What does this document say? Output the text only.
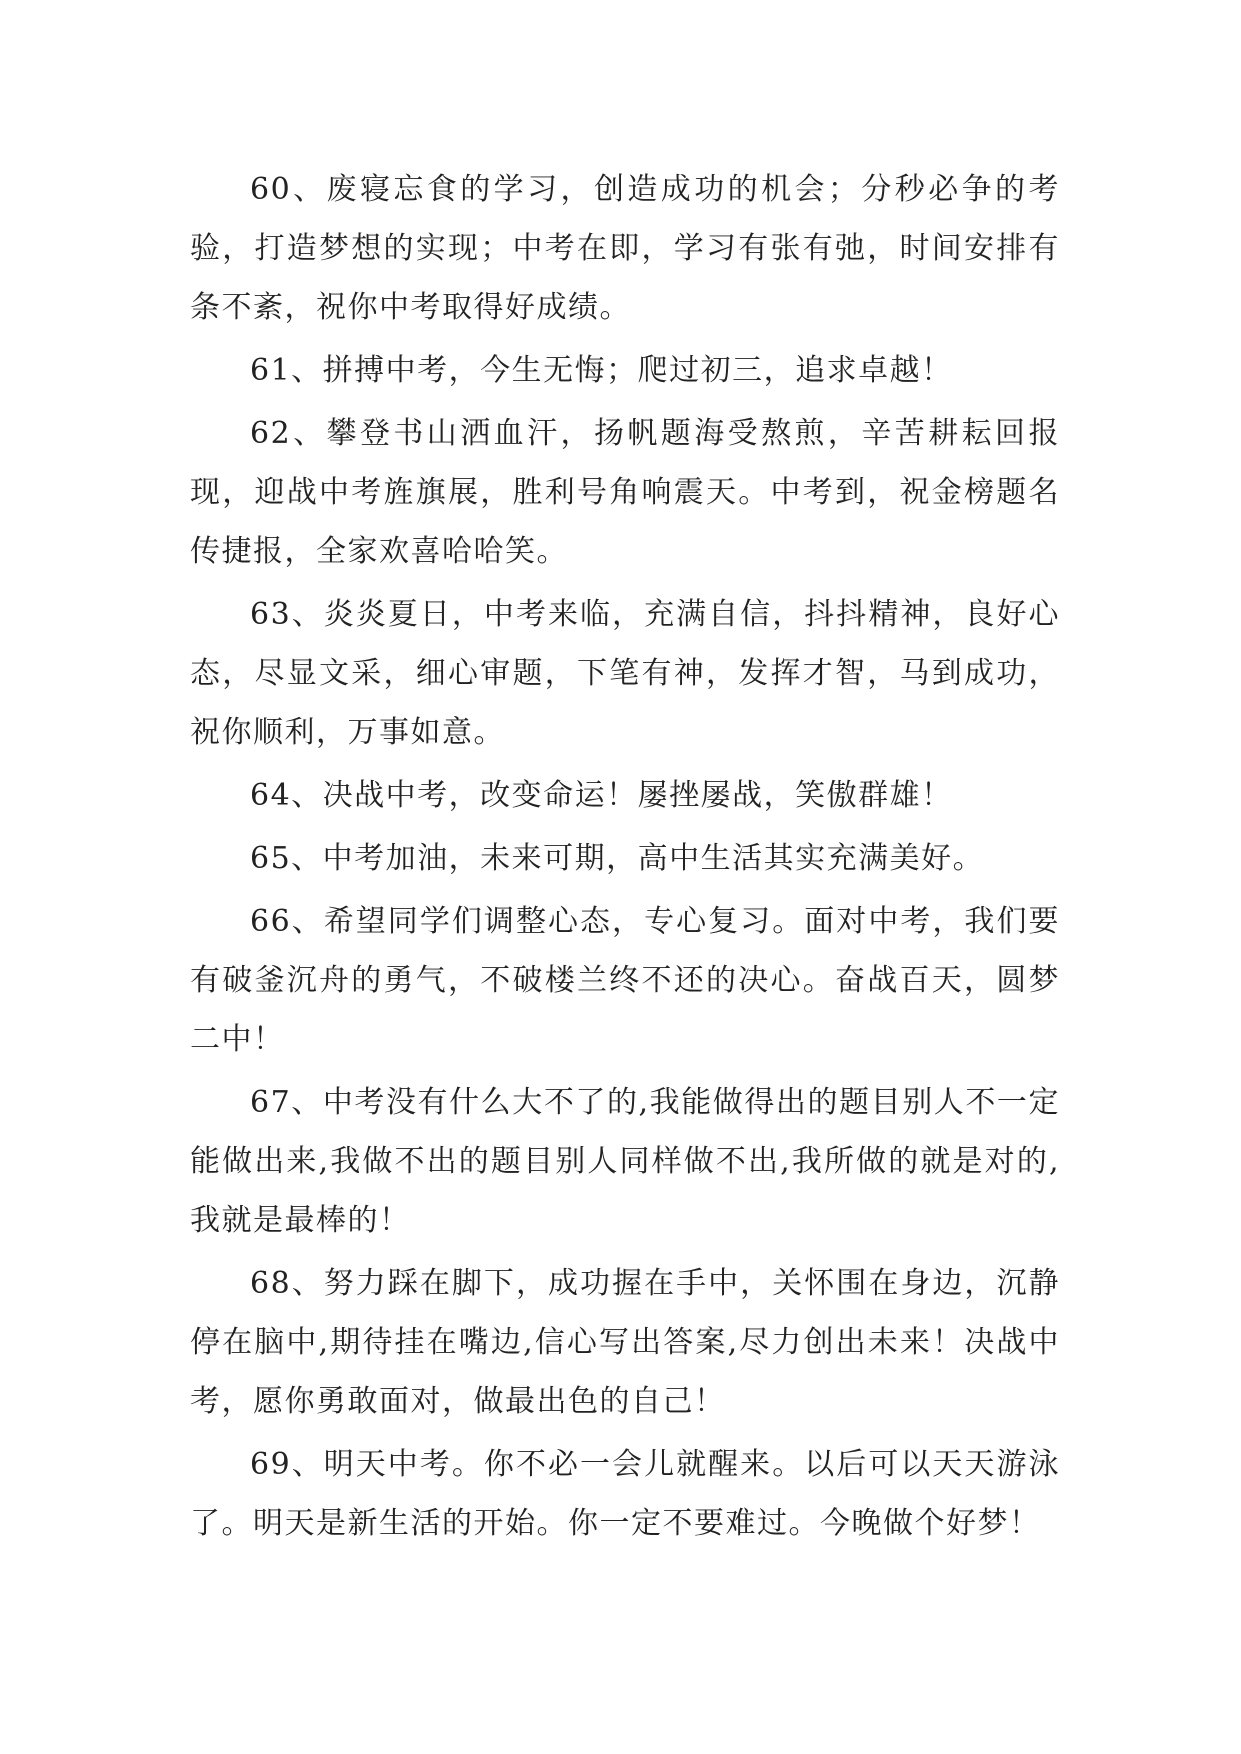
60、废寝忘食的学习，创造成功的机会；分秒必争的考验，打造梦想的实现；中考在即，学习有张有弛，时间安排有条不紊，祝你中考取得好成绩。

61、拼搏中考，今生无悔；爬过初三，追求卓越！

62、攀登书山洒血汗，扬帆题海受熬煎，辛苦耕耘回报现，迎战中考旌旗展，胜利号角响震天。中考到，祝金榜题名传捷报，全家欢喜哈哈笑。

63、炎炎夏日，中考来临，充满自信，抖抖精神，良好心态，尽显文采，细心审题，下笔有神，发挥才智，马到成功，祝你顺利，万事如意。

64、决战中考，改变命运！屡挫屡战，笑傲群雄！

65、中考加油，未来可期，高中生活其实充满美好。

66、希望同学们调整心态，专心复习。面对中考，我们要有破釜沉舟的勇气，不破楼兰终不还的决心。奋战百天，圆梦二中！

67、中考没有什么大不了的,我能做得出的题目别人不一定能做出来,我做不出的题目别人同样做不出,我所做的就是对的,我就是最棒的！

68、努力踩在脚下，成功握在手中，关怀围在身边，沉静停在脑中,期待挂在嘴边,信心写出答案,尽力创出未来！决战中考，愿你勇敢面对，做最出色的自己！

69、明天中考。你不必一会儿就醒来。以后可以天天游泳了。明天是新生活的开始。你一定不要难过。今晚做个好梦！
